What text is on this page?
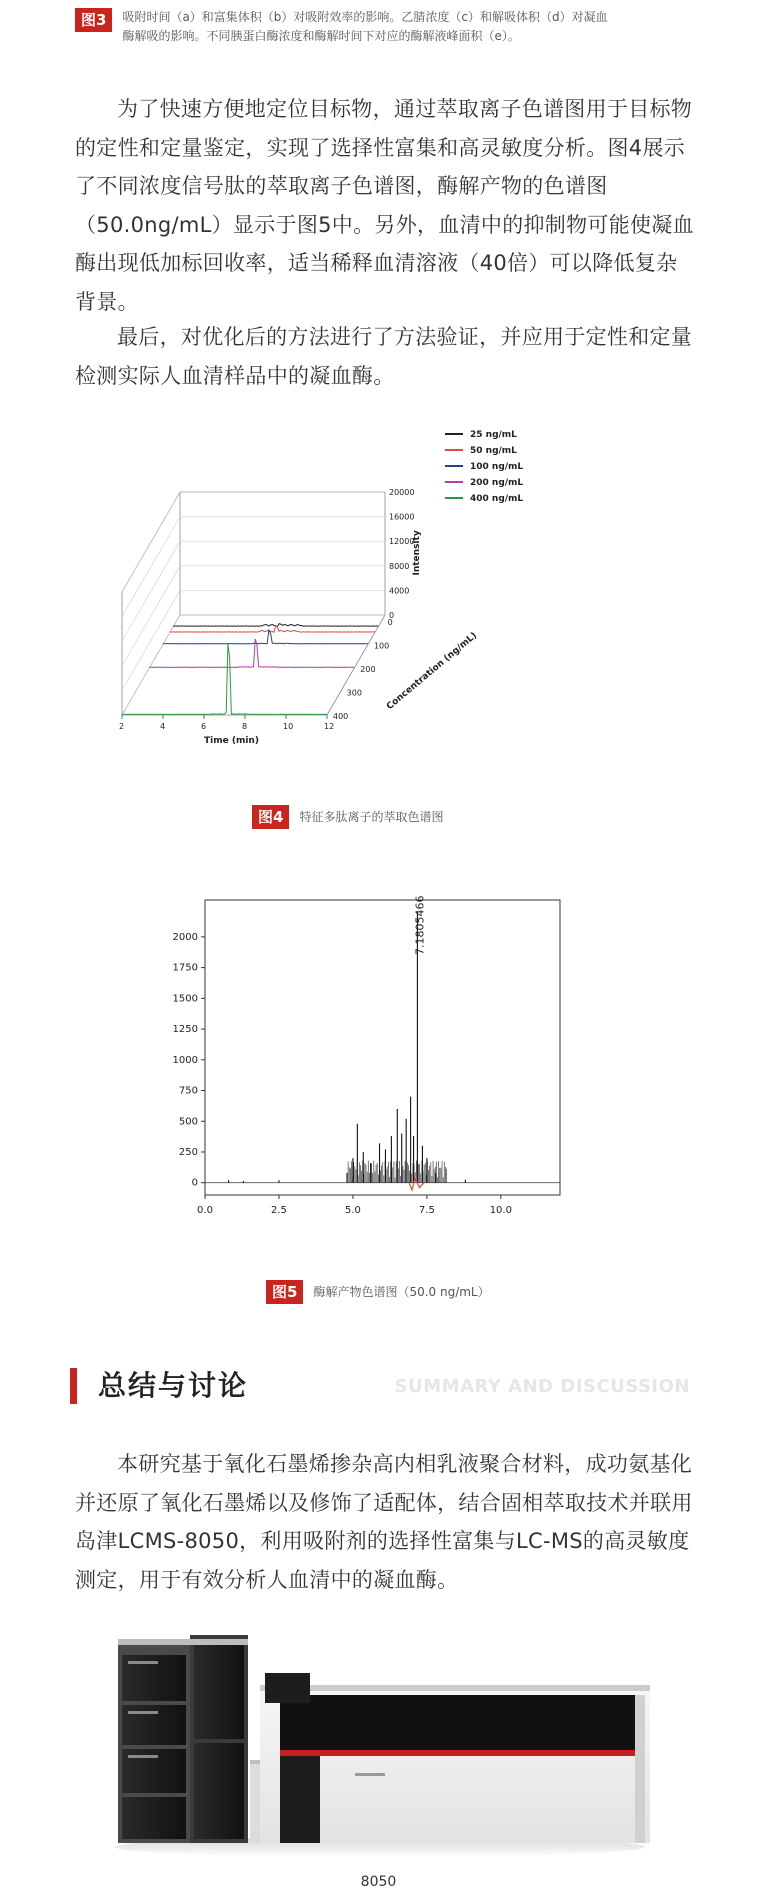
图3	吸附时间（a）和富集体积（b）对吸附效率的影响。乙腈浓度（c）和解吸体积（d）对凝血
酶解吸的影响。不同胰蛋白酶浓度和酶解时间下对应的酶解液峰面积（e）。

为了快速方便地定位目标物，通过萃取离子色谱图用于目标物的定性和定量鉴定，实现了选择性富集和高灵敏度分析。图4展示了不同浓度信号肽的萃取离子色谱图，酶解产物的色谱图（50.0ng/mL）显示于图5中。另外，血清中的抑制物可能使凝血酶出现低加标回收率，适当稀释血清溶液（40倍）可以降低复杂背景。

最后，对优化后的方法进行了方法验证，并应用于定性和定量检测实际人血清样品中的凝血酶。

0
4000
8000
12000
16000
20000
2	4	6	8	10	12
0
100
200
300
400
Intensity
Time (min)
Concentration (ng/mL)
25 ng/mL
50 ng/mL
100 ng/mL
200 ng/mL
400 ng/mL
图4	特征多肽离子的萃取色谱图
0
250
500
750
1000
1250
1500
1750
2000
0.0	2.5	5.0	7.5	10.0
7.1805466
图5	酶解产物色谱图（50.0 ng/mL）
总结与讨论	SUMMARY AND DISCUSSION

本研究基于氧化石墨烯掺杂高内相乳液聚合材料，成功氨基化并还原了氧化石墨烯以及修饰了适配体，结合固相萃取技术并联用岛津LCMS-8050，利用吸附剂的选择性富集与LC-MS的高灵敏度测定，用于有效分析人血清中的凝血酶。

8050
